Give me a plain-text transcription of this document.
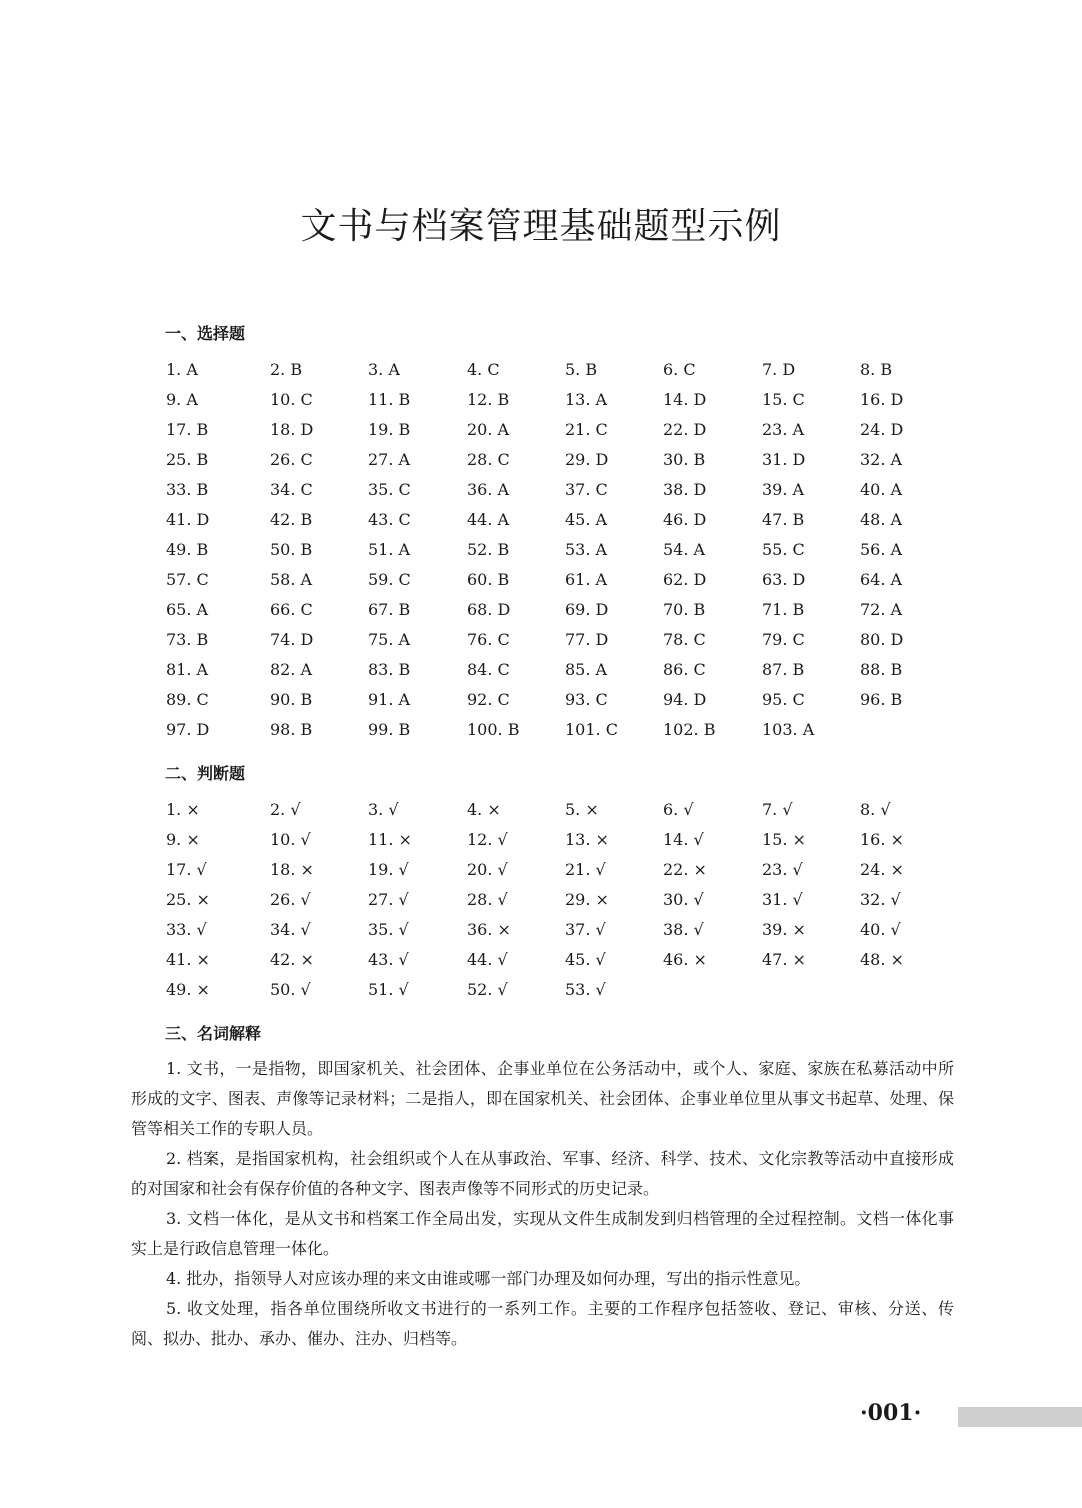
文书与档案管理基础题型示例
一、选择题
1. A	2. B	3. A	4. C	5. B	6. C	7. D	8. B
9. A	10. C	11. B	12. B	13. A	14. D	15. C	16. D
17. B	18. D	19. B	20. A	21. C	22. D	23. A	24. D
25. B	26. C	27. A	28. C	29. D	30. B	31. D	32. A
33. B	34. C	35. C	36. A	37. C	38. D	39. A	40. A
41. D	42. B	43. C	44. A	45. A	46. D	47. B	48. A
49. B	50. B	51. A	52. B	53. A	54. A	55. C	56. A
57. C	58. A	59. C	60. B	61. A	62. D	63. D	64. A
65. A	66. C	67. B	68. D	69. D	70. B	71. B	72. A
73. B	74. D	75. A	76. C	77. D	78. C	79. C	80. D
81. A	82. A	83. B	84. C	85. A	86. C	87. B	88. B
89. C	90. B	91. A	92. C	93. C	94. D	95. C	96. B
97. D	98. B	99. B	100. B	101. C	102. B	103. A
二、判断题
1. ×	2. √	3. √	4. ×	5. ×	6. √	7. √	8. √
9. ×	10. √	11. ×	12. √	13. ×	14. √	15. ×	16. ×
17. √	18. ×	19. √	20. √	21. √	22. ×	23. √	24. ×
25. ×	26. √	27. √	28. √	29. ×	30. √	31. √	32. √
33. √	34. √	35. √	36. ×	37. √	38. √	39. ×	40. √
41. ×	42. ×	43. √	44. √	45. √	46. ×	47. ×	48. ×
49. ×	50. √	51. √	52. √	53. √
三、名词解释
1. 文书，一是指物，即国家机关、社会团体、企事业单位在公务活动中，或个人、家庭、家族在私募活动中所形成的文字、图表、声像等记录材料；二是指人，即在国家机关、社会团体、企事业单位里从事文书起草、处理、保管等相关工作的专职人员。
2. 档案，是指国家机构，社会组织或个人在从事政治、军事、经济、科学、技术、文化宗教等活动中直接形成的对国家和社会有保存价值的各种文字、图表声像等不同形式的历史记录。
3. 文档一体化，是从文书和档案工作全局出发，实现从文件生成制发到归档管理的全过程控制。文档一体化事实上是行政信息管理一体化。
4. 批办，指领导人对应该办理的来文由谁或哪一部门办理及如何办理，写出的指示性意见。
5. 收文处理，指各单位围绕所收文书进行的一系列工作。主要的工作程序包括签收、登记、审核、分送、传阅、拟办、批办、承办、催办、注办、归档等。
·001·
